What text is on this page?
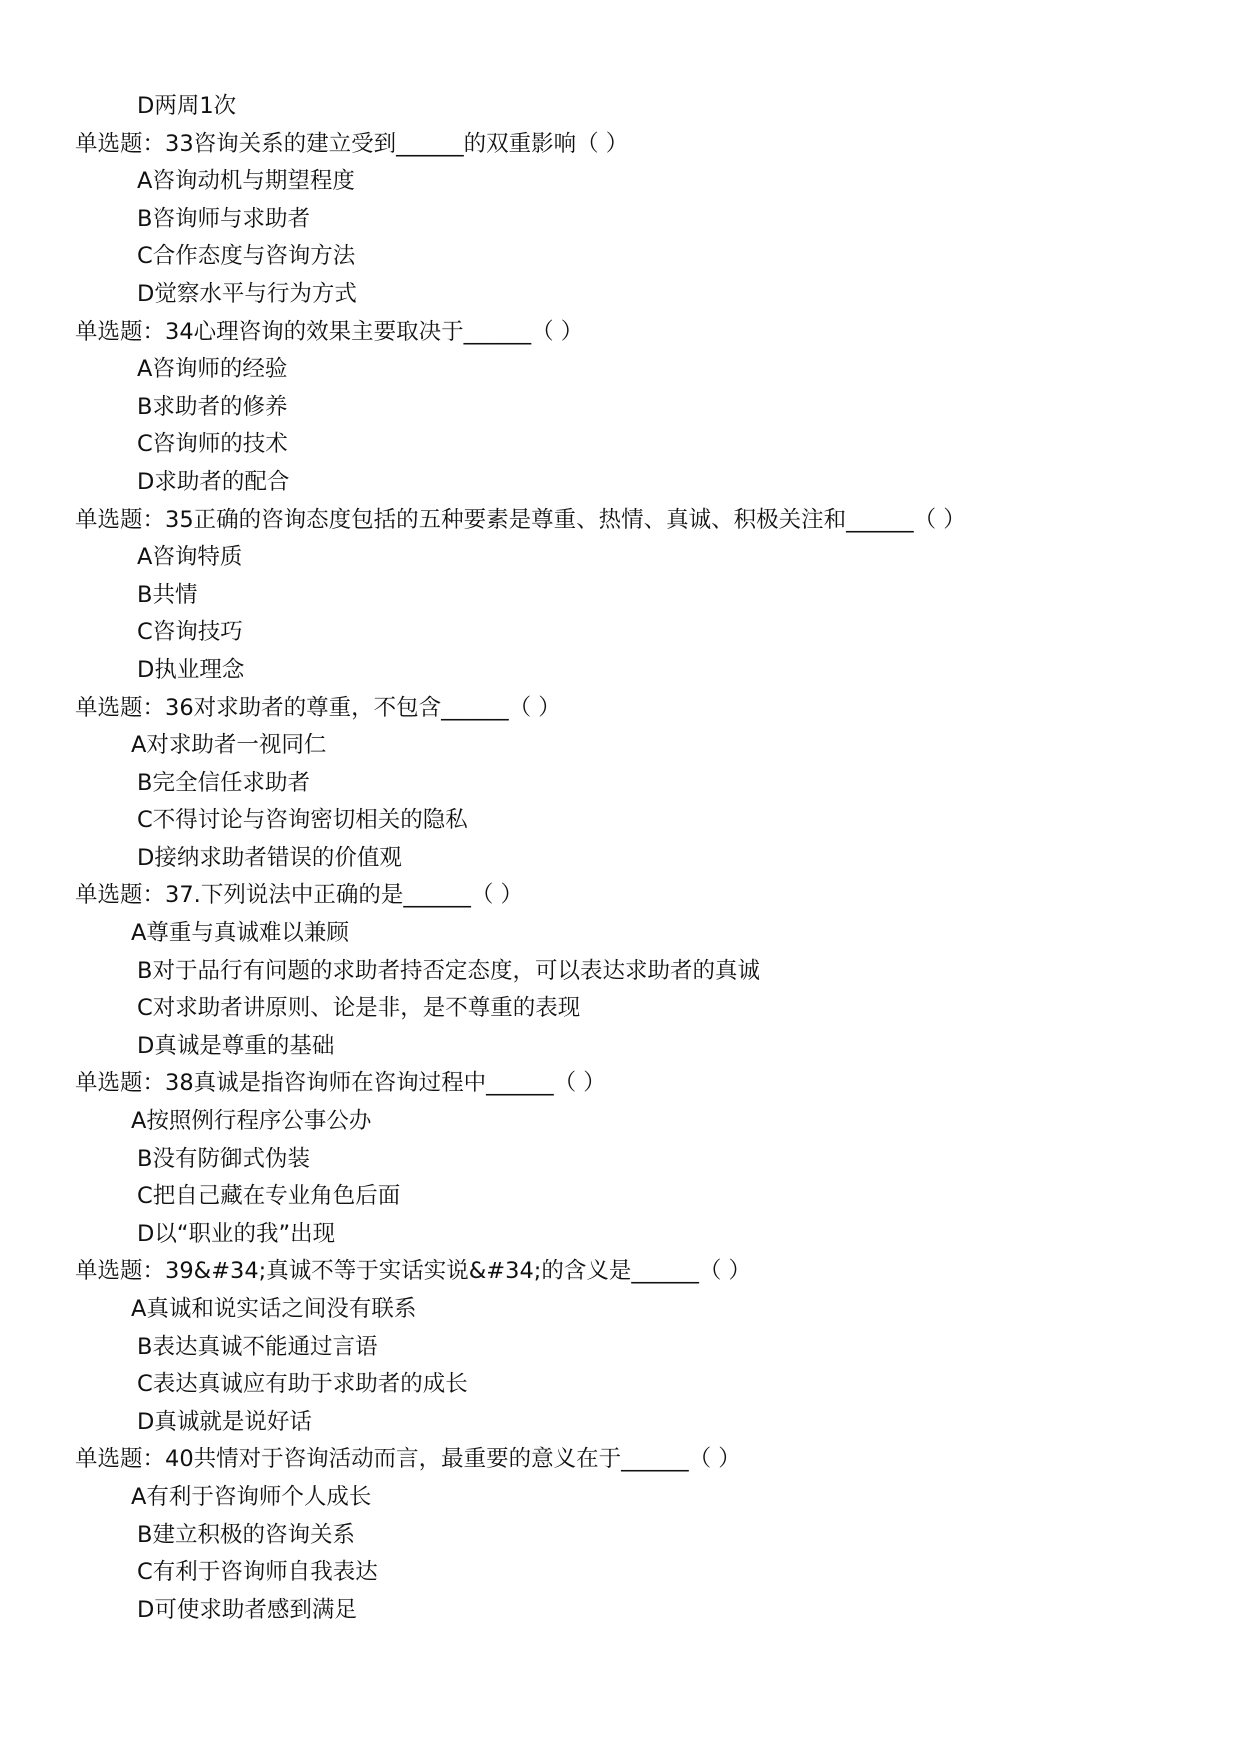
D两周1次
单选题：33咨询关系的建立受到______的双重影响（ ）
A咨询动机与期望程度
B咨询师与求助者
C合作态度与咨询方法
D觉察水平与行为方式
单选题：34心理咨询的效果主要取决于______（ ）
A咨询师的经验
B求助者的修养
C咨询师的技术
D求助者的配合
单选题：35正确的咨询态度包括的五种要素是尊重、热情、真诚、积极关注和______（ ）
A咨询特质
B共情
C咨询技巧
D执业理念
单选题：36对求助者的尊重，不包含______（ ）
A对求助者一视同仁
B完全信任求助者
C不得讨论与咨询密切相关的隐私
D接纳求助者错误的价值观
单选题：37.下列说法中正确的是______（ ）
A尊重与真诚难以兼顾
B对于品行有问题的求助者持否定态度，可以表达求助者的真诚
C对求助者讲原则、论是非，是不尊重的表现
D真诚是尊重的基础
单选题：38真诚是指咨询师在咨询过程中______（ ）
A按照例行程序公事公办
B没有防御式伪装
C把自己藏在专业角色后面
D以“职业的我”出现
单选题：39&#34;真诚不等于实话实说&#34;的含义是______（ ）
A真诚和说实话之间没有联系
B表达真诚不能通过言语
C表达真诚应有助于求助者的成长
D真诚就是说好话
单选题：40共情对于咨询活动而言，最重要的意义在于______（ ）
A有利于咨询师个人成长
B建立积极的咨询关系
C有利于咨询师自我表达
D可使求助者感到满足
